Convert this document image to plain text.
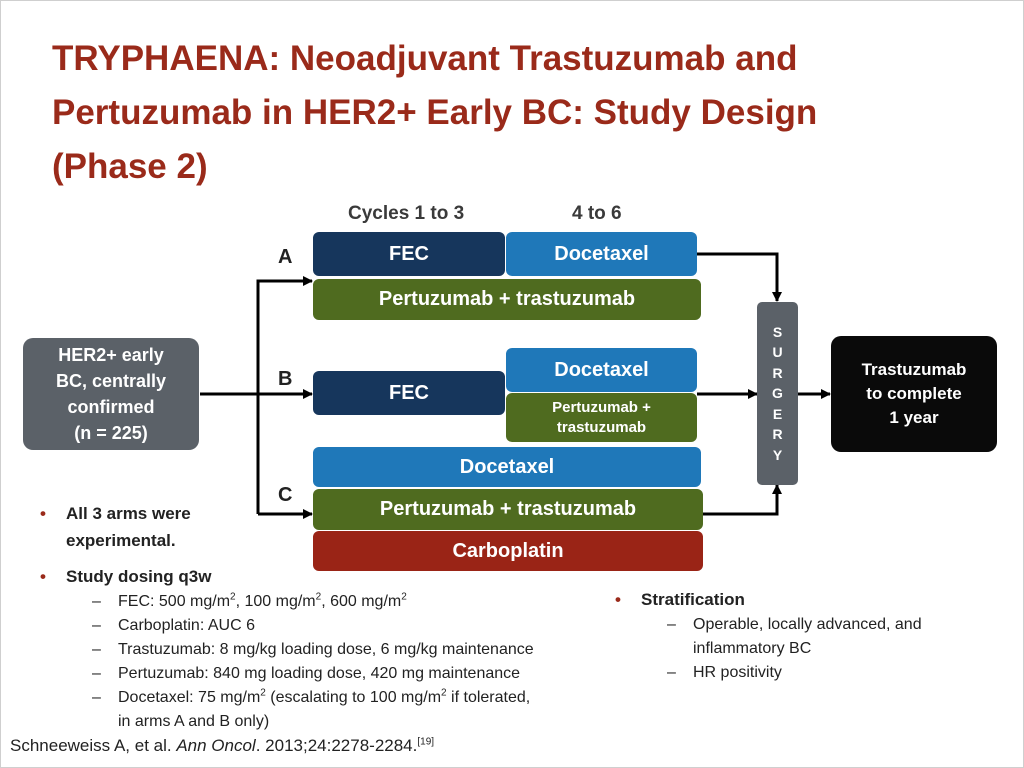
TRYPHAENA: Neoadjuvant Trastuzumab and
Pertuzumab in HER2+ Early BC: Study Design
(Phase 2)
Cycles 1 to 3	4 to 6
HER2+ early
BC, centrally
confirmed
(n = 225)
A
B
C
FEC	Docetaxel
Pertuzumab + trastuzumab
FEC
Docetaxel
Pertuzumab +
trastuzumab
Docetaxel
Pertuzumab + trastuzumab
Carboplatin
S
U
R
G
E
R
Y
Trastuzumab
to complete
1 year
• All 3 arms were
experimental.
• Study dosing q3w
– FEC: 500 $mg/m^2$, 100 $mg/m^2$, 600 $mg/m^2$
– Carboplatin: AUC 6
– Trastuzumab: 8 mg/kg loading dose, 6 mg/kg maintenance
– Pertuzumab: 840 mg loading dose, 420 mg maintenance
– Docetaxel: 75 $mg/m^2$ (escalating to 100 $mg/m^2$ if tolerated,
in arms A and B only)
• Stratification
– Operable, locally advanced, and
inflammatory BC
– HR positivity
Schneeweiss A, et al. Ann Oncol. 2013;24:2278-2284.[19]
